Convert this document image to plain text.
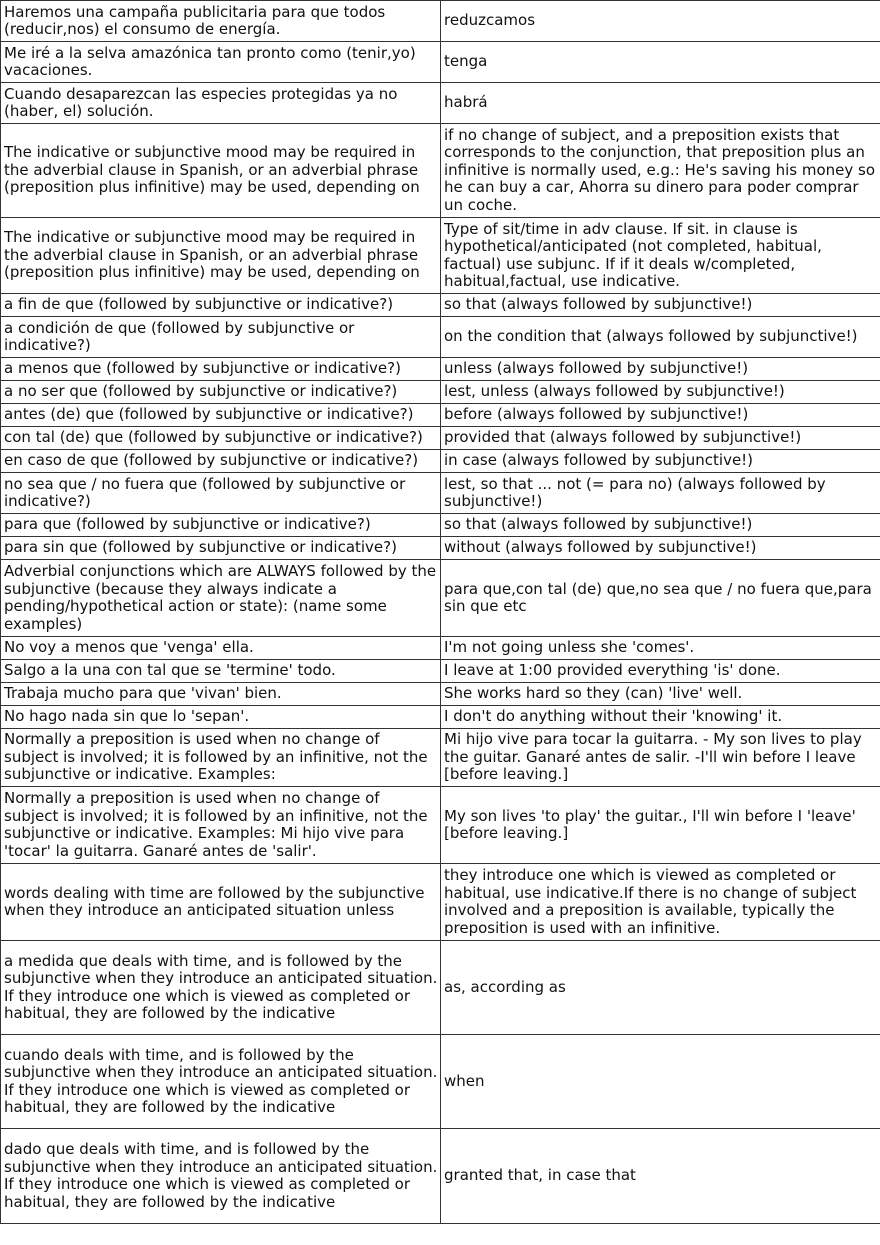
Haremos una campaña publicitaria para que todos (reducir,nos) el consumo de energía.	reduzcamos
Me iré a la selva amazónica tan pronto como (tenir,yo) vacaciones.	tenga
Cuando desaparezcan las especies protegidas ya no (haber, el) solución.	habrá
The indicative or subjunctive mood may be required in the adverbial clause in Spanish, or an adverbial phrase (preposition plus infinitive) may be used, depending on	if no change of subject, and a preposition exists that corresponds to the conjunction, that preposition plus an infinitive is normally used, e.g.: He's saving his money so he can buy a car, Ahorra su dinero para poder comprar un coche.
The indicative or subjunctive mood may be required in the adverbial clause in Spanish, or an adverbial phrase (preposition plus infinitive) may be used, depending on	Type of sit/time in adv clause. If sit. in clause is hypothetical/anticipated (not completed, habitual, factual) use subjunc. If if it deals w/completed, habitual,factual, use indicative.
a fin de que (followed by subjunctive or indicative?)	so that (always followed by subjunctive!)
a condición de que (followed by subjunctive or indicative?)	on the condition that (always followed by subjunctive!)
a menos que (followed by subjunctive or indicative?)	unless (always followed by subjunctive!)
a no ser que (followed by subjunctive or indicative?)	lest, unless (always followed by subjunctive!)
antes (de) que (followed by subjunctive or indicative?)	before (always followed by subjunctive!)
con tal (de) que (followed by subjunctive or indicative?)	provided that (always followed by subjunctive!)
en caso de que (followed by subjunctive or indicative?)	in case (always followed by subjunctive!)
no sea que / no fuera que (followed by subjunctive or indicative?)	lest, so that ... not (= para no) (always followed by subjunctive!)
para que (followed by subjunctive or indicative?)	so that (always followed by subjunctive!)
para sin que (followed by subjunctive or indicative?)	without (always followed by subjunctive!)
Adverbial conjunctions which are ALWAYS followed by the subjunctive (because they always indicate a pending/hypothetical action or state): (name some examples)	para que,con tal (de) que,no sea que / no fuera que,para sin que etc
No voy a menos que 'venga' ella.	I'm not going unless she 'comes'.
Salgo a la una con tal que se 'termine' todo.	I leave at 1:00 provided everything 'is' done.
Trabaja mucho para que 'vivan' bien.	She works hard so they (can) 'live' well.
No hago nada sin que lo 'sepan'.	I don't do anything without their 'knowing' it.
Normally a preposition is used when no change of subject is involved; it is followed by an infinitive, not the subjunctive or indicative. Examples:	Mi hijo vive para tocar la guitarra. - My son lives to play the guitar. Ganaré antes de salir. -I'll win before I leave [before leaving.]
Normally a preposition is used when no change of subject is involved; it is followed by an infinitive, not the subjunctive or indicative. Examples: Mi hijo vive para 'tocar' la guitarra. Ganaré antes de 'salir'.	My son lives 'to play' the guitar., I'll win before I 'leave' [before leaving.]
words dealing with time are followed by the subjunctive when they introduce an anticipated situation unless	they introduce one which is viewed as completed or habitual, use indicative.If there is no change of subject involved and a preposition is available, typically the preposition is used with an infinitive.
a medida que deals with time, and is followed by the subjunctive when they introduce an anticipated situation. If they introduce one which is viewed as completed or habitual, they are followed by the indicative	as, according as
cuando deals with time, and is followed by the subjunctive when they introduce an anticipated situation. If they introduce one which is viewed as completed or habitual, they are followed by the indicative	when
dado que deals with time, and is followed by the subjunctive when they introduce an anticipated situation. If they introduce one which is viewed as completed or habitual, they are followed by the indicative	granted that, in case that
